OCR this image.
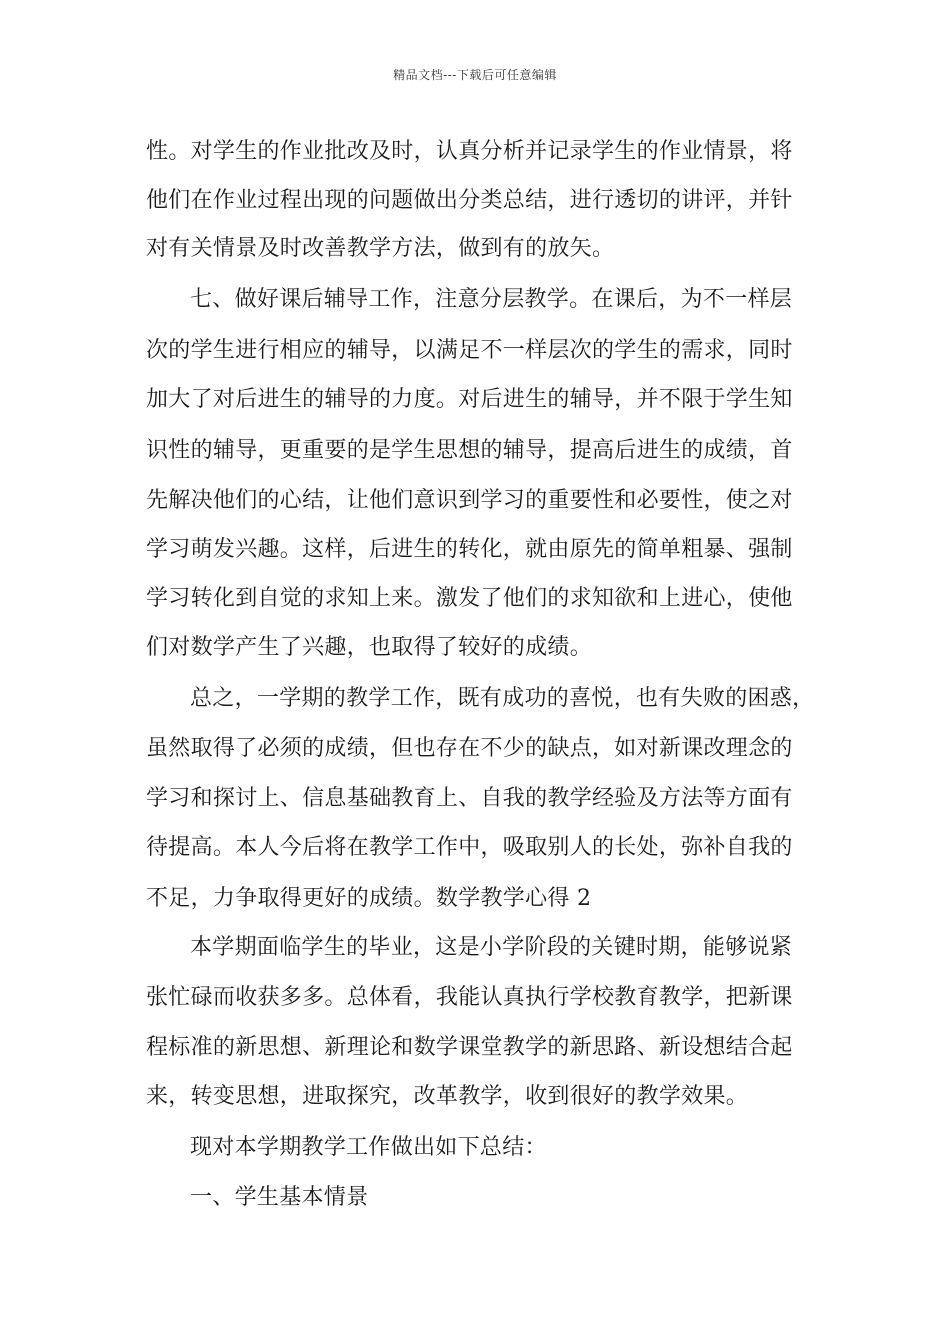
精品文档---下载后可任意编辑
性。对学生的作业批改及时，认真分析并记录学生的作业情景，将
他们在作业过程出现的问题做出分类总结，进行透切的讲评，并针
对有关情景及时改善教学方法，做到有的放矢。
七、做好课后辅导工作，注意分层教学。在课后，为不一样层
次的学生进行相应的辅导，以满足不一样层次的学生的需求，同时
加大了对后进生的辅导的力度。对后进生的辅导，并不限于学生知
识性的辅导，更重要的是学生思想的辅导，提高后进生的成绩，首
先解决他们的心结，让他们意识到学习的重要性和必要性，使之对
学习萌发兴趣。这样，后进生的转化，就由原先的简单粗暴、强制
学习转化到自觉的求知上来。激发了他们的求知欲和上进心，使他
们对数学产生了兴趣，也取得了较好的成绩。
总之，一学期的教学工作，既有成功的喜悦，也有失败的困惑，
虽然取得了必须的成绩，但也存在不少的缺点，如对新课改理念的
学习和探讨上、信息基础教育上、自我的教学经验及方法等方面有
待提高。本人今后将在教学工作中，吸取别人的长处，弥补自我的
不足，力争取得更好的成绩。数学教学心得 2
本学期面临学生的毕业，这是小学阶段的关键时期，能够说紧
张忙碌而收获多多。总体看，我能认真执行学校教育教学，把新课
程标准的新思想、新理论和数学课堂教学的新思路、新设想结合起
来，转变思想，进取探究，改革教学，收到很好的教学效果。
现对本学期教学工作做出如下总结：
一、学生基本情景
